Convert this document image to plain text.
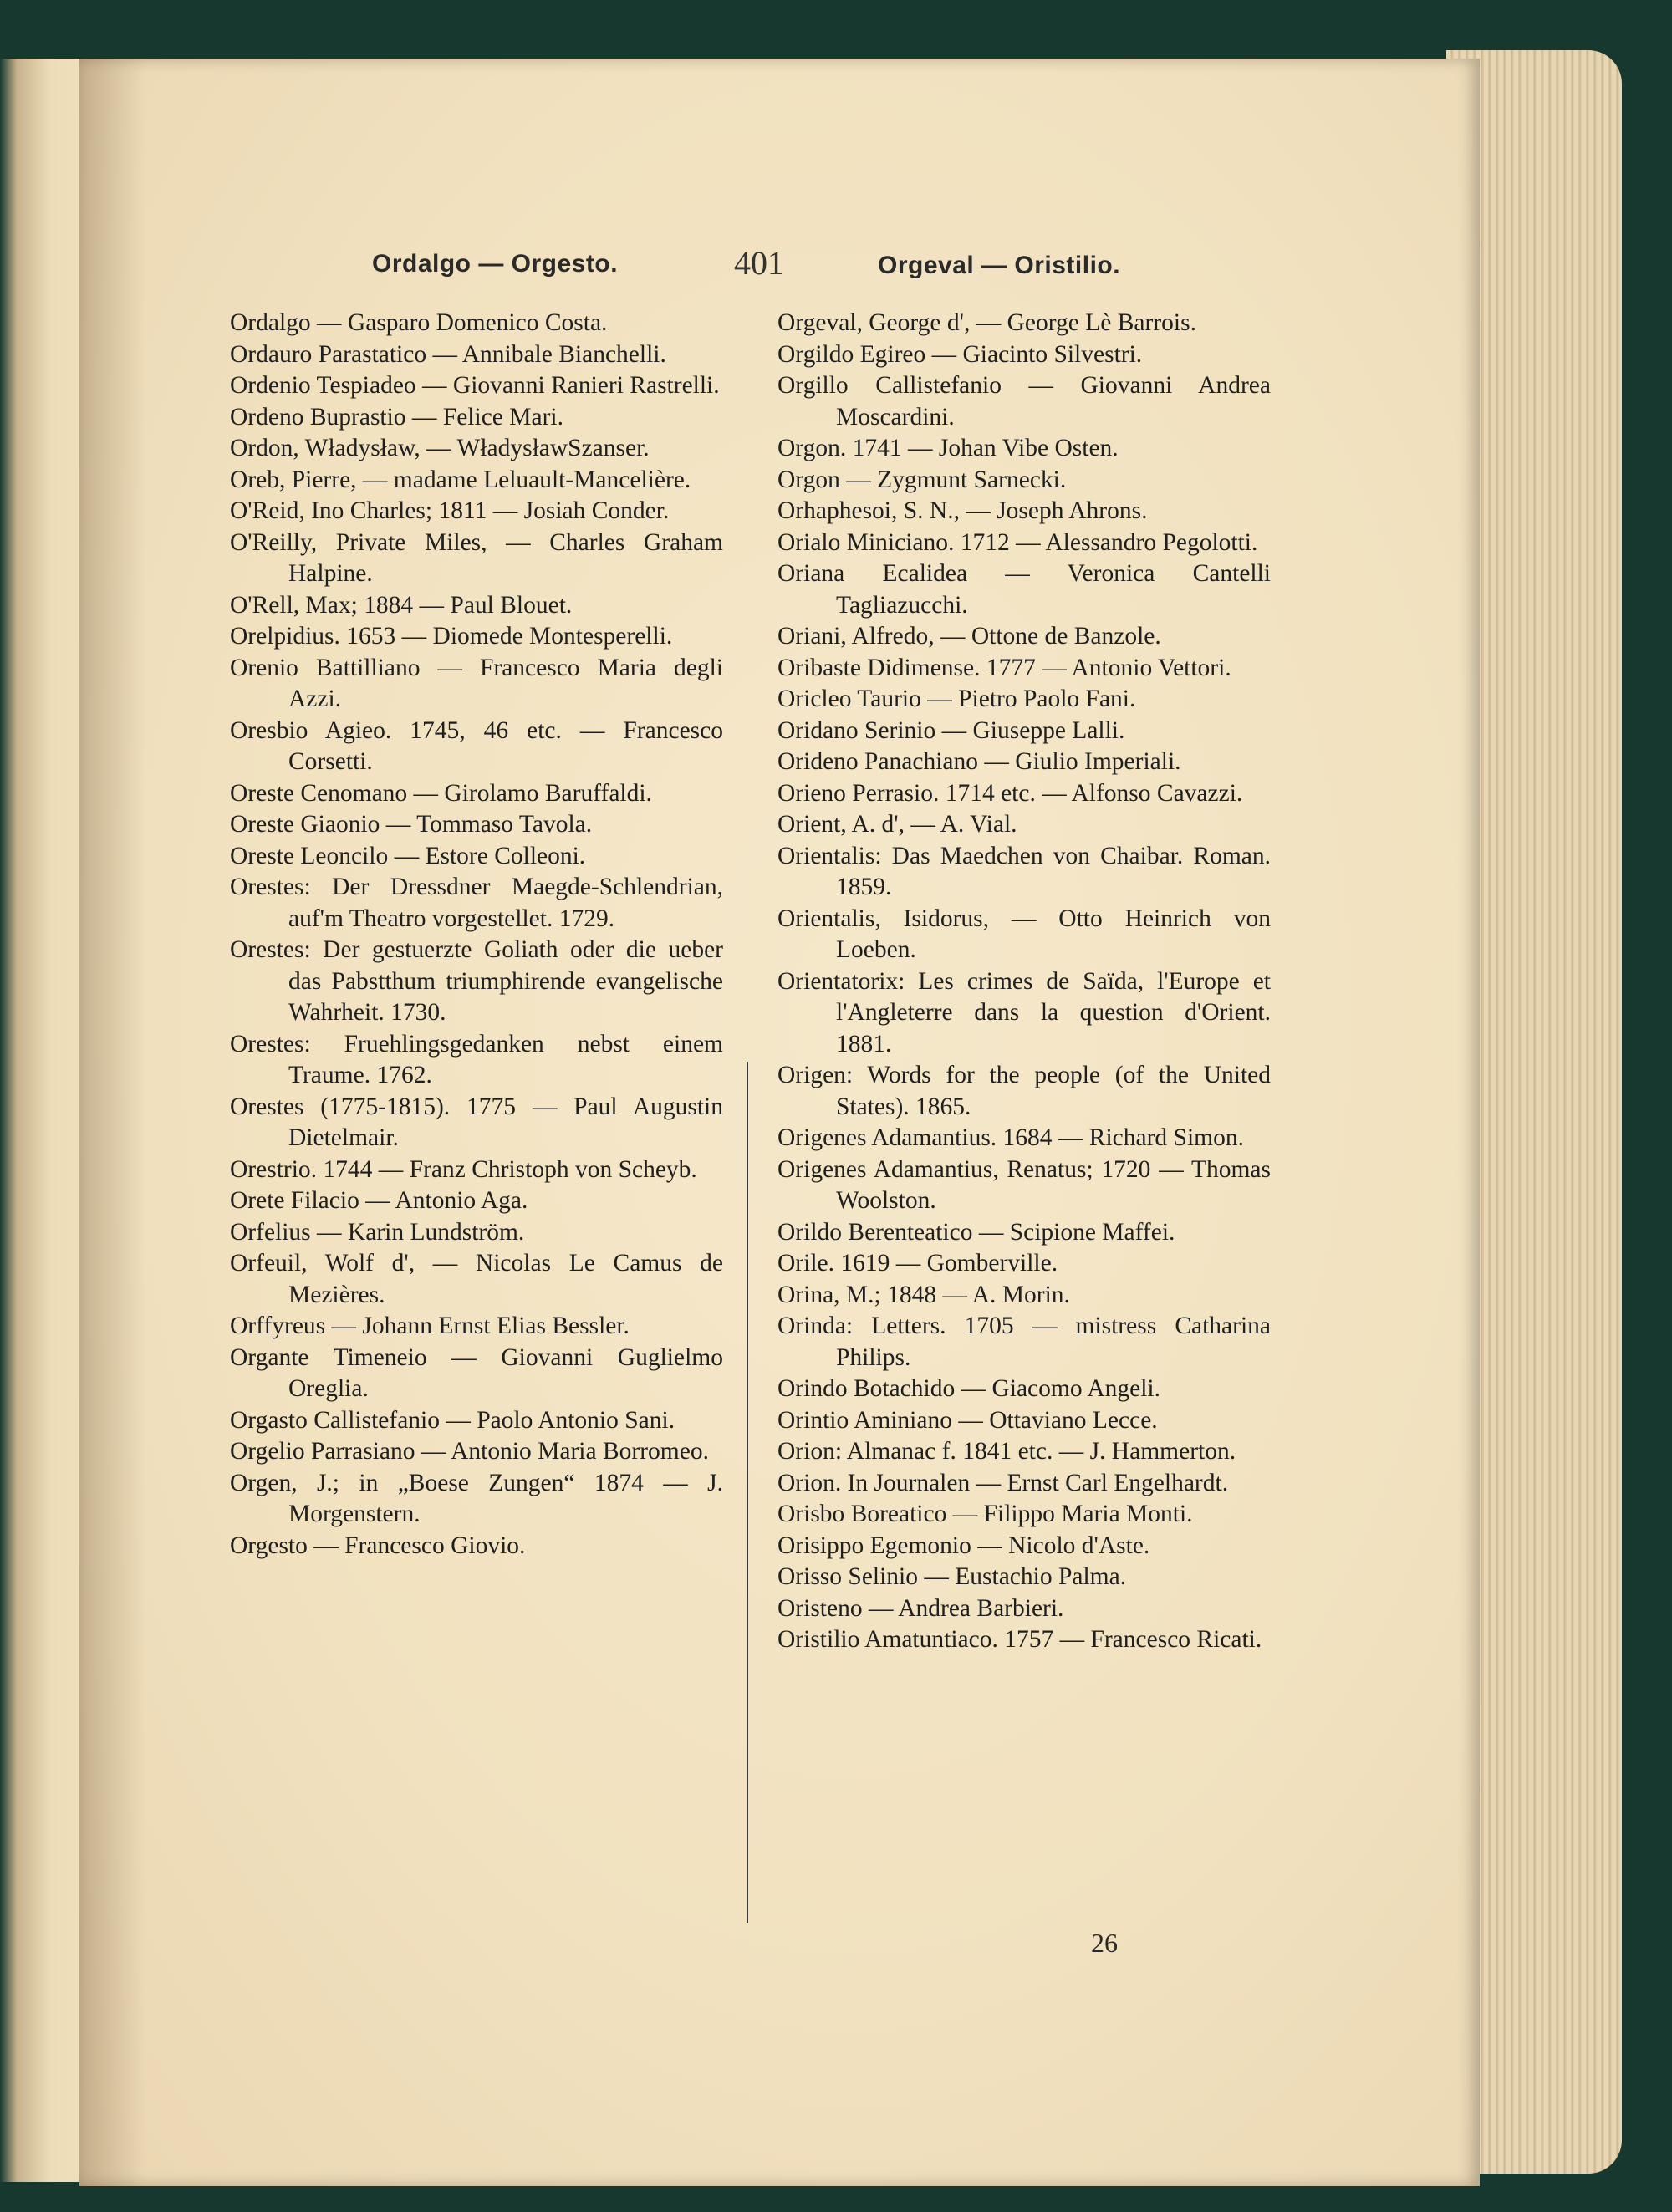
Ordalgo — Orgesto.	401	Orgeval — Oristilio.
Ordalgo — Gasparo Domenico Costa.
Ordauro Parastatico — Annibale Bianchelli.
Ordenio Tespiadeo — Giovanni Ranieri Rastrelli.
Ordeno Buprastio — Felice Mari.
Ordon, Władysław, — WładysławSzanser.
Oreb, Pierre, — madame Leluault-Mancelière.
O'Reid, Ino Charles; 1811 — Josiah Conder.
O'Reilly, Private Miles, — Charles Graham Halpine.
O'Rell, Max; 1884 — Paul Blouet.
Orelpidius. 1653 — Diomede Montesperelli.
Orenio Battilliano — Francesco Maria degli Azzi.
Oresbio Agieo. 1745, 46 etc. — Francesco Corsetti.
Oreste Cenomano — Girolamo Baruffaldi.
Oreste Giaonio — Tommaso Tavola.
Oreste Leoncilo — Estore Colleoni.
Orestes: Der Dressdner Maegde-Schlendrian, auf'm Theatro vorgestellet. 1729.
Orestes: Der gestuerzte Goliath oder die ueber das Pabstthum triumphirende evangelische Wahrheit. 1730.
Orestes: Fruehlingsgedanken nebst einem Traume. 1762.
Orestes (1775-1815). 1775 — Paul Augustin Dietelmair.
Orestrio. 1744 — Franz Christoph von Scheyb.
Orete Filacio — Antonio Aga.
Orfelius — Karin Lundström.
Orfeuil, Wolf d', — Nicolas Le Camus de Mezières.
Orffyreus — Johann Ernst Elias Bessler.
Organte Timeneio — Giovanni Guglielmo Oreglia.
Orgasto Callistefanio — Paolo Antonio Sani.
Orgelio Parrasiano — Antonio Maria Borromeo.
Orgen, J.; in „Boese Zungen“ 1874 — J. Morgenstern.
Orgesto — Francesco Giovio.
Orgeval, George d', — George Lè Barrois.
Orgildo Egireo — Giacinto Silvestri.
Orgillo Callistefanio — Giovanni Andrea Moscardini.
Orgon. 1741 — Johan Vibe Osten.
Orgon — Zygmunt Sarnecki.
Orhaphesoi, S. N., — Joseph Ahrons.
Orialo Miniciano. 1712 — Alessandro Pegolotti.
Oriana Ecalidea — Veronica Cantelli Tagliazucchi.
Oriani, Alfredo, — Ottone de Banzole.
Oribaste Didimense. 1777 — Antonio Vettori.
Oricleo Taurio — Pietro Paolo Fani.
Oridano Serinio — Giuseppe Lalli.
Orideno Panachiano — Giulio Imperiali.
Orieno Perrasio. 1714 etc. — Alfonso Cavazzi.
Orient, A. d', — A. Vial.
Orientalis: Das Maedchen von Chaibar. Roman. 1859.
Orientalis, Isidorus, — Otto Heinrich von Loeben.
Orientatorix: Les crimes de Saïda, l'Europe et l'Angleterre dans la question d'Orient. 1881.
Origen: Words for the people (of the United States). 1865.
Origenes Adamantius. 1684 — Richard Simon.
Origenes Adamantius, Renatus; 1720 — Thomas Woolston.
Orildo Berenteatico — Scipione Maffei.
Orile. 1619 — Gomberville.
Orina, M.; 1848 — A. Morin.
Orinda: Letters. 1705 — mistress Catharina Philips.
Orindo Botachido — Giacomo Angeli.
Orintio Aminiano — Ottaviano Lecce.
Orion: Almanac f. 1841 etc. — J. Hammerton.
Orion. In Journalen — Ernst Carl Engelhardt.
Orisbo Boreatico — Filippo Maria Monti.
Orisippo Egemonio — Nicolo d'Aste.
Orisso Selinio — Eustachio Palma.
Oristeno — Andrea Barbieri.
Oristilio Amatuntiaco. 1757 — Francesco Ricati.
26
